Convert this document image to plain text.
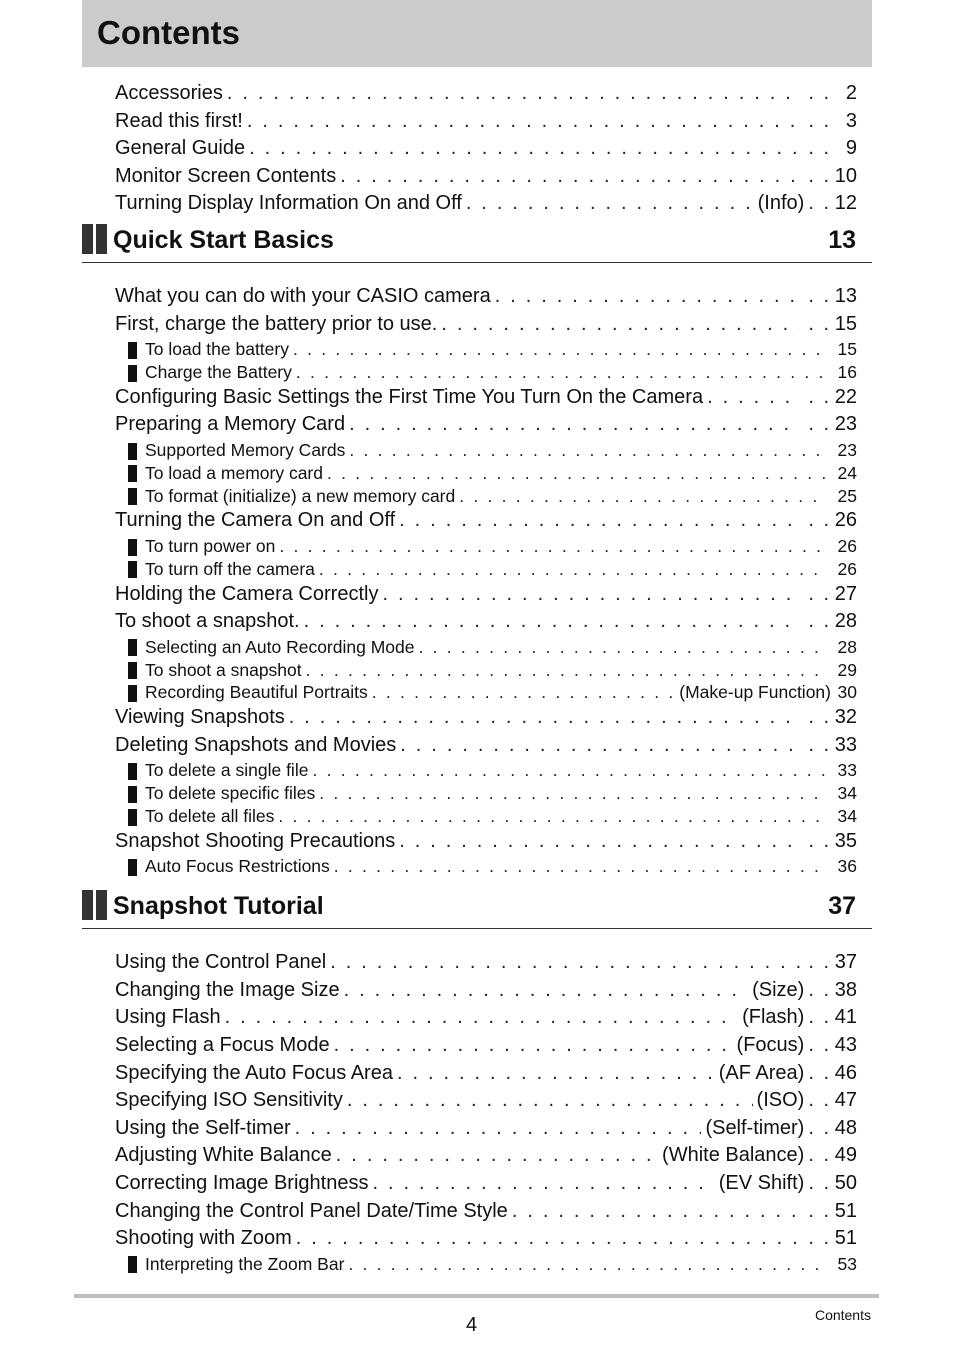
Contents
Accessories . . .	. . 2
Read this first! . . .	. . 3
General Guide . . .	. . 9
Monitor Screen Contents . . .	. . 10
Turning Display Information On and Off . . .	(Info) . . 12
Quick Start Basics	13
What you can do with your CASIO camera . . .	. . 13
First, charge the battery prior to use. . . .	. . 15
To load the battery . . .	15
Charge the Battery . . .	16
Configuring Basic Settings the First Time You Turn On the Camera . . .	. . 22
Preparing a Memory Card . . .	. . 23
Supported Memory Cards . . .	23
To load a memory card . . .	24
To format (initialize) a new memory card . . .	25
Turning the Camera On and Off . . .	. . 26
To turn power on . . .	26
To turn off the camera . . .	26
Holding the Camera Correctly . . .	. . 27
To shoot a snapshot. . . .	. . 28
Selecting an Auto Recording Mode . . .	28
To shoot a snapshot . . .	29
Recording Beautiful Portraits . . .	(Make-up Function) 30
Viewing Snapshots . . .	. . 32
Deleting Snapshots and Movies . . .	. . 33
To delete a single file . . .	33
To delete specific files . . .	34
To delete all files . . .	34
Snapshot Shooting Precautions . . .	. . 35
Auto Focus Restrictions . . .	36
Snapshot Tutorial	37
Using the Control Panel . . .	. . 37
Changing the Image Size . . .	(Size) . . 38
Using Flash . . .	(Flash) . . 41
Selecting a Focus Mode . . .	(Focus) . . 43
Specifying the Auto Focus Area . . .	(AF Area) . . 46
Specifying ISO Sensitivity . . .	(ISO) . . 47
Using the Self-timer . . .	(Self-timer) . . 48
Adjusting White Balance . . .	(White Balance) . . 49
Correcting Image Brightness . . .	(EV Shift) . . 50
Changing the Control Panel Date/Time Style . . .	. . 51
Shooting with Zoom . . .	. . 51
Interpreting the Zoom Bar . . .	53
4	Contents
